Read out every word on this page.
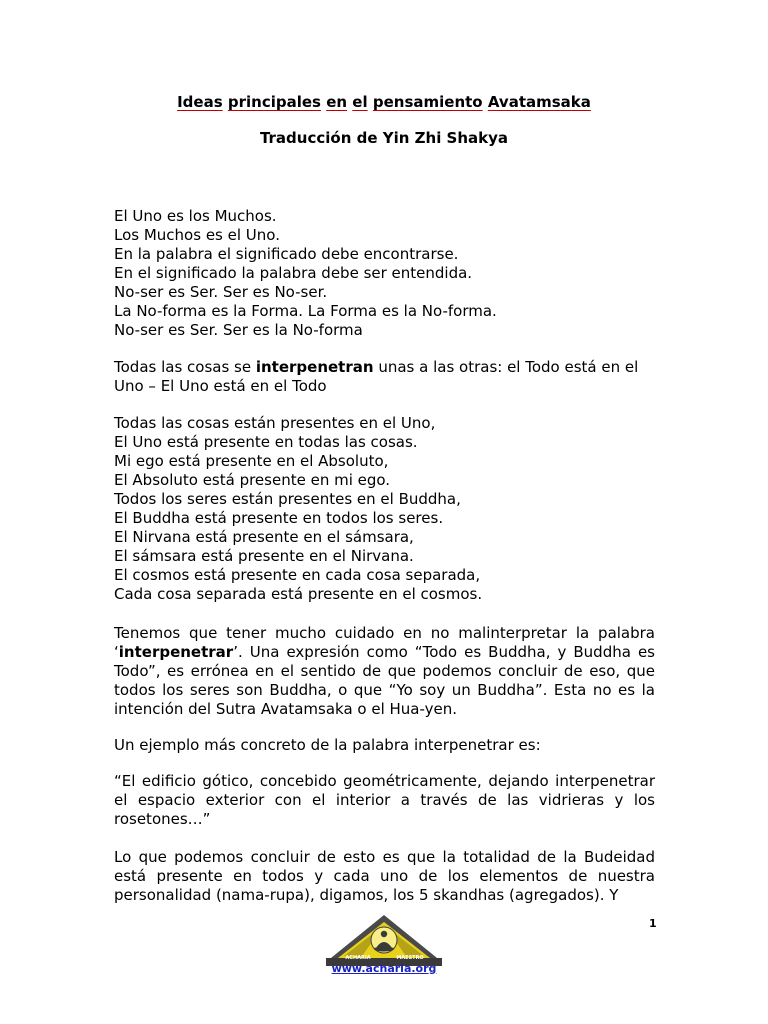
Ideas principales en el pensamiento Avatamsaka
Traducción de Yin Zhi Shakya
El Uno es los Muchos.
Los Muchos es el Uno.
En la palabra el significado debe encontrarse.
En el significado la palabra debe ser entendida.
No-ser es Ser. Ser es No-ser.
La No-forma es la Forma. La Forma es la No-forma.
No-ser es Ser. Ser es la No-forma
Todas las cosas se interpenetran unas a las otras: el Todo está en el
Uno – El Uno está en el Todo
Todas las cosas están presentes en el Uno,
El Uno está presente en todas las cosas.
Mi ego está presente en el Absoluto,
El Absoluto está presente en mi ego.
Todos los seres están presentes en el Buddha,
El Buddha está presente en todos los seres.
El Nirvana está presente en el sámsara,
El sámsara está presente en el Nirvana.
El cosmos está presente en cada cosa separada,
Cada cosa separada está presente en el cosmos.
Tenemos que tener mucho cuidado en no malinterpretar la palabra ‘interpenetrar’. Una expresión como “Todo es Buddha, y Buddha es Todo”, es errónea en el sentido de que podemos concluir de eso, que todos los seres son Buddha, o que “Yo soy un Buddha”. Esta no es la intención del Sutra Avatamsaka o el Hua-yen.
Un ejemplo más concreto de la palabra interpenetrar es:
“El edificio gótico, concebido geométricamente, dejando interpenetrar el espacio exterior con el interior a través de las vidrieras y los rosetones…”
Lo que podemos concluir de esto es que la totalidad de la Budeidad está presente en todos y cada uno de los elementos de nuestra personalidad (nama-rupa), digamos, los 5 skandhas (agregados). Y
1
ACHARIA	MAESTRO
www.acharia.org
